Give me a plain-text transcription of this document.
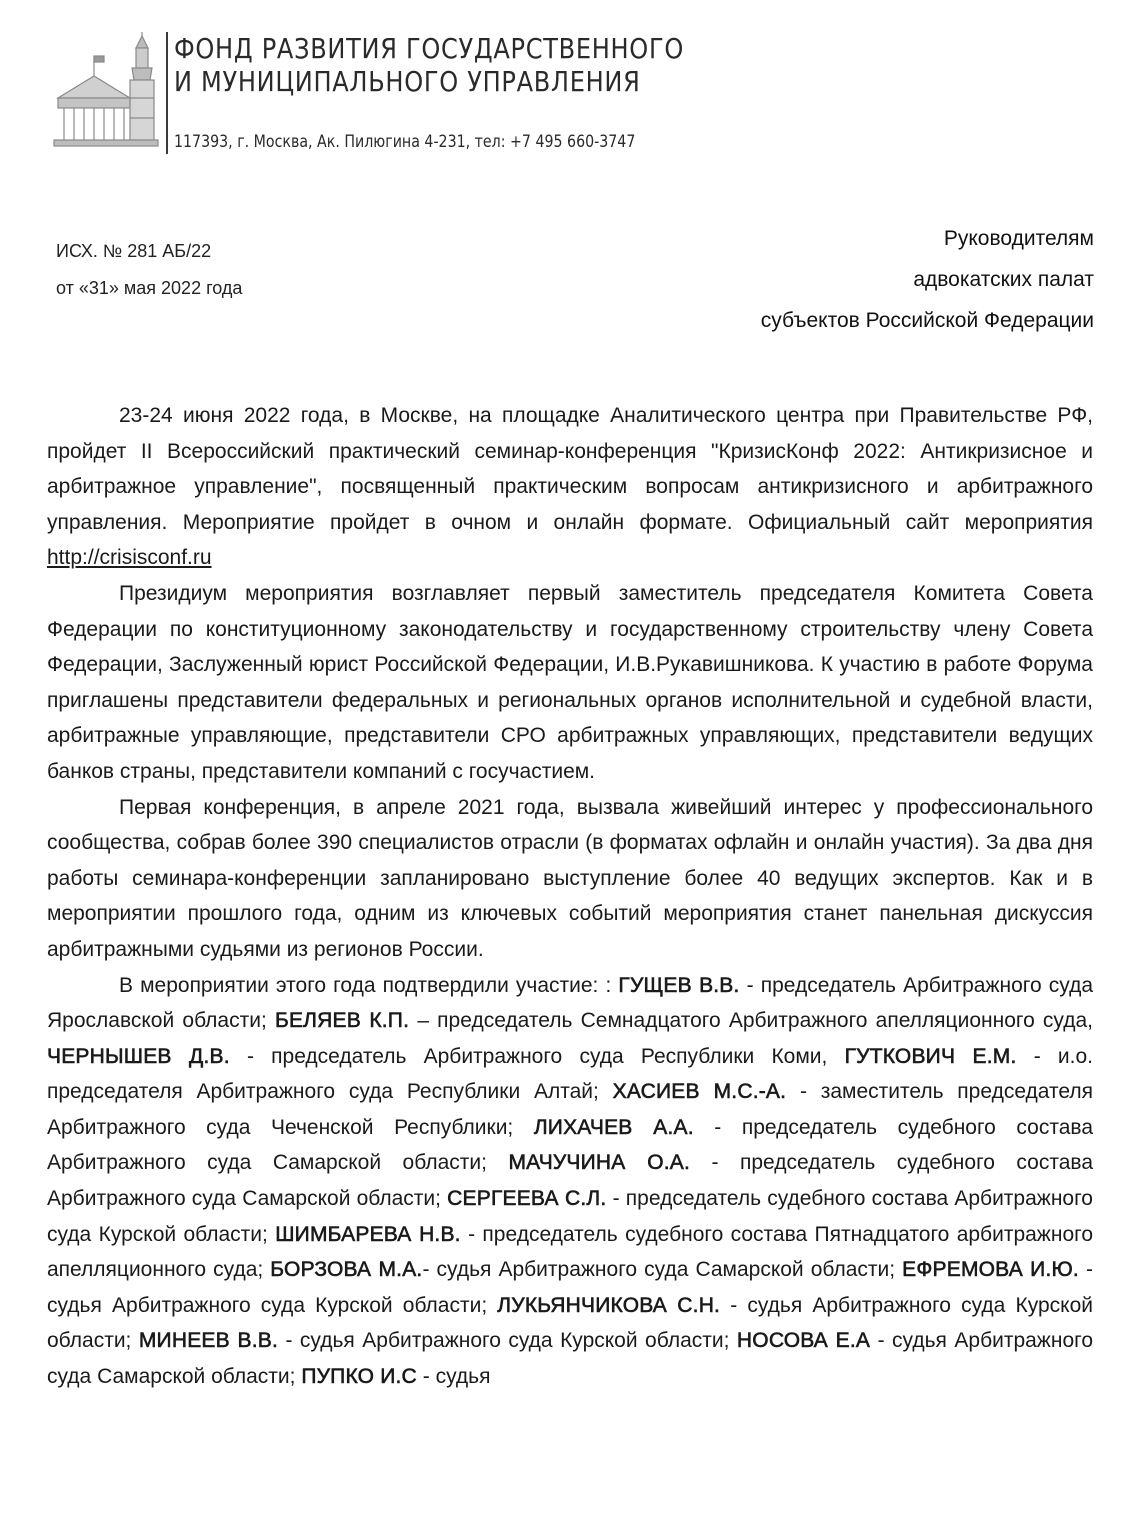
ФОНД РАЗВИТИЯ ГОСУДАРСТВЕННОГО
И МУНИЦИПАЛЬНОГО УПРАВЛЕНИЯ
117393, г. Москва, Ак. Пилюгина 4-231, тел: +7 495 660-3747
ИСХ. № 281 АБ/22
от «31» мая 2022 года
Руководителям
адвокатских палат
субъектов Российской Федерации

23-24 июня 2022 года, в Москве, на площадке Аналитического центра при Правительстве РФ, пройдет II Всероссийский практический семинар-конференция "КризисКонф 2022: Антикризисное и арбитражное управление", посвященный практическим вопросам антикризисного и арбитражного управления. Мероприятие пройдет в очном и онлайн формате. Официальный сайт мероприятия http://crisisconf.ru

Президиум мероприятия возглавляет первый заместитель председателя Комитета Совета Федерации по конституционному законодательству и государственному строительству члену Совета Федерации, Заслуженный юрист Российской Федерации, И.В.Рукавишникова. К участию в работе Форума приглашены представители федеральных и региональных органов исполнительной и судебной власти, арбитражные управляющие, представители СРО арбитражных управляющих, представители ведущих банков страны, представители компаний с госучастием.

Первая конференция, в апреле 2021 года, вызвала живейший интерес у профессионального сообщества, собрав более 390 специалистов отрасли (в форматах офлайн и онлайн участия). За два дня работы семинара-конференции запланировано выступление более 40 ведущих экспертов. Как и в мероприятии прошлого года, одним из ключевых событий мероприятия станет панельная дискуссия арбитражными судьями из регионов России.

В мероприятии этого года подтвердили участие: : ГУЩЕВ В.В. - председатель Арбитражного суда Ярославской области; БЕЛЯЕВ К.П. – председатель Семнадцатого Арбитражного апелляционного суда, ЧЕРНЫШЕВ Д.В. - председатель Арбитражного суда Республики Коми, ГУТКОВИЧ Е.М. - и.о. председателя Арбитражного суда Республики Алтай; ХАСИЕВ М.С.-А. - заместитель председателя Арбитражного суда Чеченской Республики; ЛИХАЧЕВ А.А. - председатель судебного состава Арбитражного суда Самарской области; МАЧУЧИНА О.А. - председатель судебного состава Арбитражного суда Самарской области; СЕРГЕЕВА С.Л. - председатель судебного состава Арбитражного суда Курской области; ШИМБАРЕВА Н.В. - председатель судебного состава Пятнадцатого арбитражного апелляционного суда; БОРЗОВА М.А.- судья Арбитражного суда Самарской области; ЕФРЕМОВА И.Ю. - судья Арбитражного суда Курской области; ЛУКЬЯНЧИКОВА С.Н. - судья Арбитражного суда Курской области; МИНЕЕВ В.В. - судья Арбитражного суда Курской области; НОСОВА Е.А - судья Арбитражного суда Самарской области; ПУПКО И.С - судья
